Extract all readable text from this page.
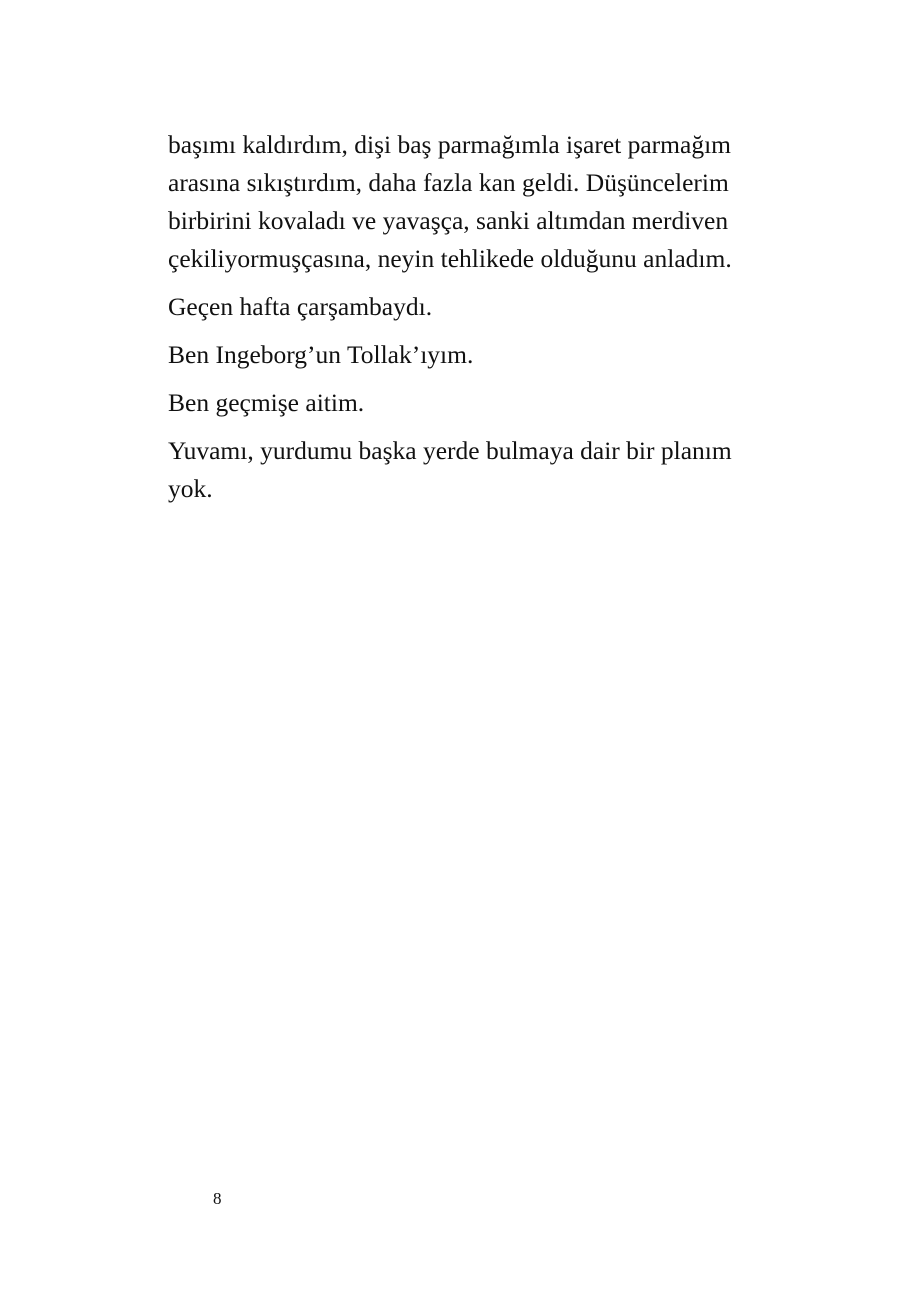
başımı kaldırdım, dişi baş parmağımla işaret parmağım
arasına sıkıştırdım, daha fazla kan geldi. Düşüncelerim
birbirini kovaladı ve yavaşça, sanki altımdan merdiven
çekiliyormuşçasına, neyin tehlikede olduğunu anladım.

Geçen hafta çarşambaydı.

Ben Ingeborg’un Tollak’ıyım.

Ben geçmişe aitim.

Yuvamı, yurdumu başka yerde bulmaya dair bir planım
yok.

8
